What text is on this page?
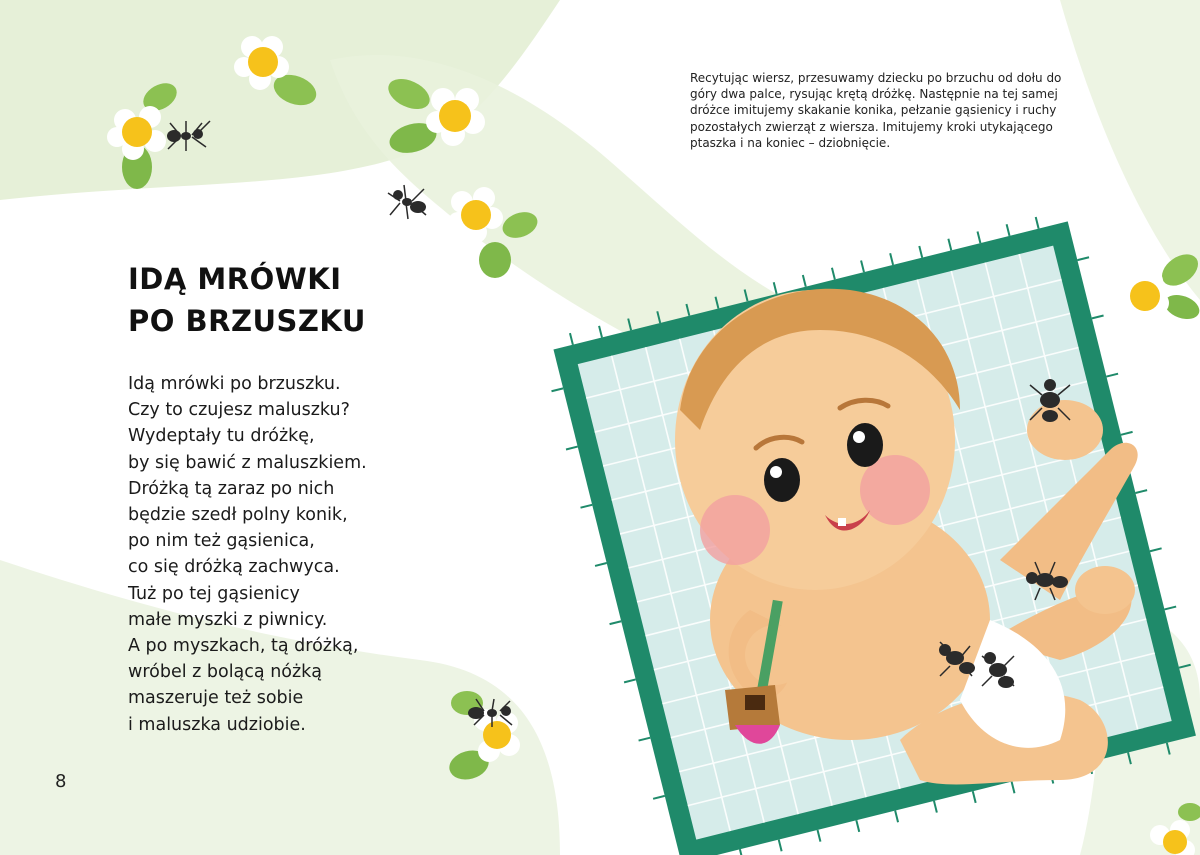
IDĄ MRÓWKI
PO BRZUSZKU
Idą mrówki po brzuszku.
Czy to czujesz maluszku?
Wydeptały tu dróżkę,
by się bawić z maluszkiem.
Dróżką tą zaraz po nich
będzie szedł polny konik,
po nim też gąsienica,
co się dróżką zachwyca.
Tuż po tej gąsienicy
małe myszki z piwnicy.
A po myszkach, tą dróżką,
wróbel z bolącą nóżką
maszeruje też sobie
i maluszka udziobie.

Recytując wiersz, przesuwamy dziecku po brzuchu od dołu do góry dwa palce, rysując krętą dróżkę. Następnie na tej samej dróżce imitujemy skakanie konika, pełzanie gąsienicy i ruchy pozostałych zwierząt z wiersza. Imitujemy kroki utykającego ptaszka i na koniec – dziobnięcie.

8
